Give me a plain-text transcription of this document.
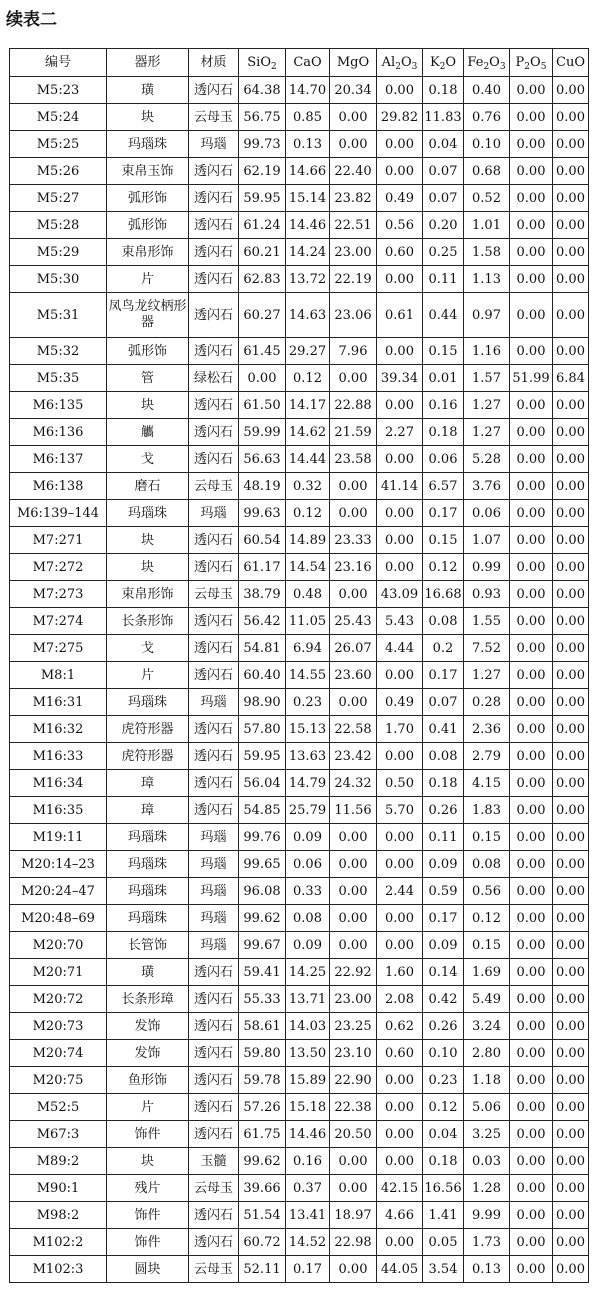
续表二
编号	器形	材质	SiO$_2$	CaO	MgO	$Al_2O_3$	$K_2O$	$Fe_2O_3$	$P_2O_5$	CuO
M5:23	璜	透闪石	64.38	14.70	20.34	0.00	0.18	0.40	0.00	0.00
M5:24	块	云母玉	56.75	0.85	0.00	29.82	11.83	0.76	0.00	0.00
M5:25	玛瑙珠	玛瑙	99.73	0.13	0.00	0.00	0.04	0.10	0.00	0.00
M5:26	束帛玉饰	透闪石	62.19	14.66	22.40	0.00	0.07	0.68	0.00	0.00
M5:27	弧形饰	透闪石	59.95	15.14	23.82	0.49	0.07	0.52	0.00	0.00
M5:28	弧形饰	透闪石	61.24	14.46	22.51	0.56	0.20	1.01	0.00	0.00
M5:29	束帛形饰	透闪石	60.21	14.24	23.00	0.60	0.25	1.58	0.00	0.00
M5:30	片	透闪石	62.83	13.72	22.19	0.00	0.11	1.13	0.00	0.00
M5:31	凤鸟龙纹柄形器	透闪石	60.27	14.63	23.06	0.61	0.44	0.97	0.00	0.00
M5:32	弧形饰	透闪石	61.45	29.27	7.96	0.00	0.15	1.16	0.00	0.00
M5:35	管	绿松石	0.00	0.12	0.00	39.34	0.01	1.57	51.99	6.84
M6:135	块	透闪石	61.50	14.17	22.88	0.00	0.16	1.27	0.00	0.00
M6:136	觿	透闪石	59.99	14.62	21.59	2.27	0.18	1.27	0.00	0.00
M6:137	戈	透闪石	56.63	14.44	23.58	0.00	0.06	5.28	0.00	0.00
M6:138	磨石	云母玉	48.19	0.32	0.00	41.14	6.57	3.76	0.00	0.00
M6:139–144	玛瑙珠	玛瑙	99.63	0.12	0.00	0.00	0.17	0.06	0.00	0.00
M7:271	块	透闪石	60.54	14.89	23.33	0.00	0.15	1.07	0.00	0.00
M7:272	块	透闪石	61.17	14.54	23.16	0.00	0.12	0.99	0.00	0.00
M7:273	束帛形饰	云母玉	38.79	0.48	0.00	43.09	16.68	0.93	0.00	0.00
M7:274	长条形饰	透闪石	56.42	11.05	25.43	5.43	0.08	1.55	0.00	0.00
M7:275	戈	透闪石	54.81	6.94	26.07	4.44	0.2	7.52	0.00	0.00
M8:1	片	透闪石	60.40	14.55	23.60	0.00	0.17	1.27	0.00	0.00
M16:31	玛瑙珠	玛瑙	98.90	0.23	0.00	0.49	0.07	0.28	0.00	0.00
M16:32	虎符形器	透闪石	57.80	15.13	22.58	1.70	0.41	2.36	0.00	0.00
M16:33	虎符形器	透闪石	59.95	13.63	23.42	0.00	0.08	2.79	0.00	0.00
M16:34	璋	透闪石	56.04	14.79	24.32	0.50	0.18	4.15	0.00	0.00
M16:35	璋	透闪石	54.85	25.79	11.56	5.70	0.26	1.83	0.00	0.00
M19:11	玛瑙珠	玛瑙	99.76	0.09	0.00	0.00	0.11	0.15	0.00	0.00
M20:14–23	玛瑙珠	玛瑙	99.65	0.06	0.00	0.00	0.09	0.08	0.00	0.00
M20:24–47	玛瑙珠	玛瑙	96.08	0.33	0.00	2.44	0.59	0.56	0.00	0.00
M20:48–69	玛瑙珠	玛瑙	99.62	0.08	0.00	0.00	0.17	0.12	0.00	0.00
M20:70	长管饰	玛瑙	99.67	0.09	0.00	0.00	0.09	0.15	0.00	0.00
M20:71	璜	透闪石	59.41	14.25	22.92	1.60	0.14	1.69	0.00	0.00
M20:72	长条形璋	透闪石	55.33	13.71	23.00	2.08	0.42	5.49	0.00	0.00
M20:73	发饰	透闪石	58.61	14.03	23.25	0.62	0.26	3.24	0.00	0.00
M20:74	发饰	透闪石	59.80	13.50	23.10	0.60	0.10	2.80	0.00	0.00
M20:75	鱼形饰	透闪石	59.78	15.89	22.90	0.00	0.23	1.18	0.00	0.00
M52:5	片	透闪石	57.26	15.18	22.38	0.00	0.12	5.06	0.00	0.00
M67:3	饰件	透闪石	61.75	14.46	20.50	0.00	0.04	3.25	0.00	0.00
M89:2	块	玉髓	99.62	0.16	0.00	0.00	0.18	0.03	0.00	0.00
M90:1	残片	云母玉	39.66	0.37	0.00	42.15	16.56	1.28	0.00	0.00
M98:2	饰件	透闪石	51.54	13.41	18.97	4.66	1.41	9.99	0.00	0.00
M102:2	饰件	透闪石	60.72	14.52	22.98	0.00	0.05	1.73	0.00	0.00
M102:3	圆块	云母玉	52.11	0.17	0.00	44.05	3.54	0.13	0.00	0.00
